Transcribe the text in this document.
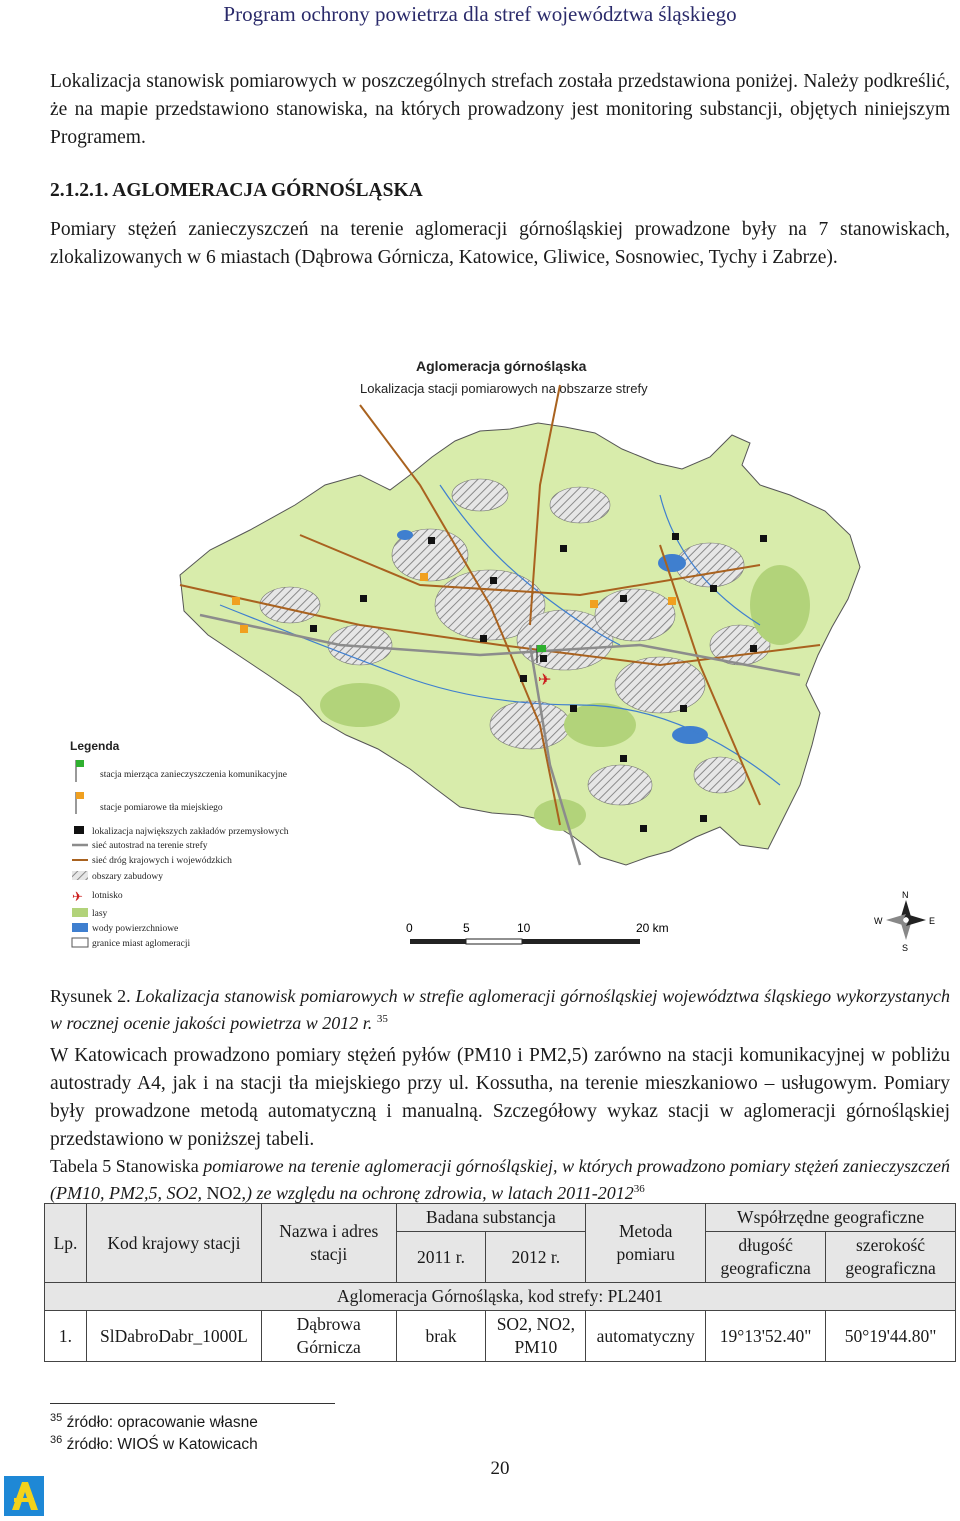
Program ochrony powietrza dla stref województwa śląskiego
Lokalizacja stanowisk pomiarowych w poszczególnych strefach została przedstawiona poniżej. Należy podkreślić, że na mapie przedstawiono stanowiska, na których prowadzony jest monitoring substancji, objętych niniejszym Programem.
2.1.2.1. AGLOMERACJA GÓRNOŚLĄSKA
Pomiary stężeń zanieczyszczeń na terenie aglomeracji górnośląskiej prowadzone były na 7 stanowiskach, zlokalizowanych w 6 miastach (Dąbrowa Górnicza, Katowice, Gliwice, Sosnowiec, Tychy i Zabrze).
Aglomeracja górnośląska
Lokalizacja stacji pomiarowych na obszarze strefy
✈
Legenda
stacja mierząca zanieczyszczenia komunikacyjne
stacje pomiarowe tła miejskiego
lokalizacja największych zakładów przemysłowych
sieć autostrad na terenie strefy
sieć dróg krajowych i wojewódzkich
obszary zabudowy
✈ lotnisko
lasy
wody powierzchniowe
granice miast aglomeracji
0	5	10	20 km
N
S
E
W
Rysunek 2. Lokalizacja stanowisk pomiarowych w strefie aglomeracji górnośląskiej województwa śląskiego wykorzystanych w rocznej ocenie jakości powietrza w 2012 r. $^{35}$
W Katowicach prowadzono pomiary stężeń pyłów (PM10 i PM2,5) zarówno na stacji komunikacyjnej w pobliżu autostrady A4, jak i na stacji tła miejskiego przy ul. Kossutha, na terenie mieszkaniowo – usługowym. Pomiary były prowadzone metodą automatyczną i manualną. Szczegółowy wykaz stacji w aglomeracji górnośląskiej przedstawiono w poniższej tabeli.
Tabela 5 Stanowiska pomiarowe na terenie aglomeracji górnośląskiej, w których prowadzono pomiary stężeń zanieczyszczeń (PM10, PM2,5, SO2, NO2,) ze względu na ochronę zdrowia, w latach 2011-2012$^{36}$
Lp.	Kod krajowy stacji	Nazwa i adres stacji	Badana substancja		Metoda pomiaru	Współrzędne geograficzne	
			2011 r.	2012 r.		długość geograficzna	szerokość geograficzna
Aglomeracja Górnośląska, kod strefy: PL2401							
1.	SlDabroDabr_1000L	Dąbrowa Górnicza	brak	SO2, NO2, PM10	automatyczny	19°13'52.40"	50°19'44.80"
$^{35}$ źródło: opracowanie własne
$^{36}$ źródło: WIOŚ w Katowicach
20
